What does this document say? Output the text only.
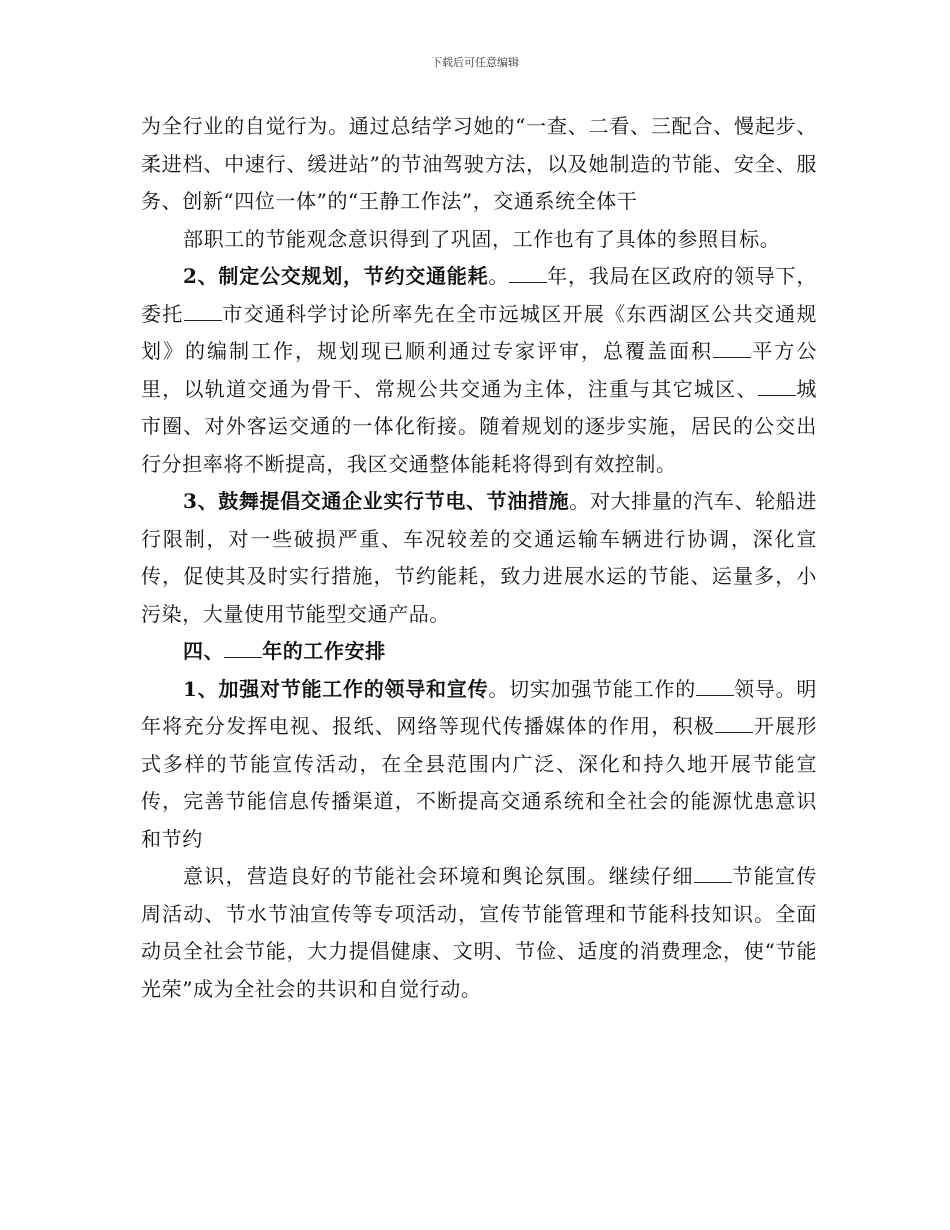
下载后可任意编辑

为全行业的自觉行为。通过总结学习她的“一查、二看、三配合、慢起步、柔进档、中速行、缓进站”的节油驾驶方法，以及她制造的节能、安全、服务、创新“四位一体”的“王静工作法”，交通系统全体干

部职工的节能观念意识得到了巩固，工作也有了具体的参照目标。

2、制定公交规划，节约交通能耗。 年，我局在区政府的领导下，委托 市交通科学讨论所率先在全市远城区开展《东西湖区公共交通规划》的编制工作，规划现已顺利通过专家评审，总覆盖面积 平方公里，以轨道交通为骨干、常规公共交通为主体，注重与其它城区、 城市圈、对外客运交通的一体化衔接。随着规划的逐步实施，居民的公交出行分担率将不断提高，我区交通整体能耗将得到有效控制。

3、鼓舞提倡交通企业实行节电、节油措施。对大排量的汽车、轮船进行限制，对一些破损严重、车况较差的交通运输车辆进行协调，深化宣传，促使其及时实行措施，节约能耗，致力进展水运的节能、运量多，小污染，大量使用节能型交通产品。

四、 年的工作安排

1、加强对节能工作的领导和宣传。切实加强节能工作的 领导。明年将充分发挥电视、报纸、网络等现代传播媒体的作用，积极 开展形式多样的节能宣传活动，在全县范围内广泛、深化和持久地开展节能宣传，完善节能信息传播渠道，不断提高交通系统和全社会的能源忧患意识和节约

意识，营造良好的节能社会环境和舆论氛围。继续仔细 节能宣传周活动、节水节油宣传等专项活动，宣传节能管理和节能科技知识。全面动员全社会节能，大力提倡健康、文明、节俭、适度的消费理念，使“节能光荣”成为全社会的共识和自觉行动。
